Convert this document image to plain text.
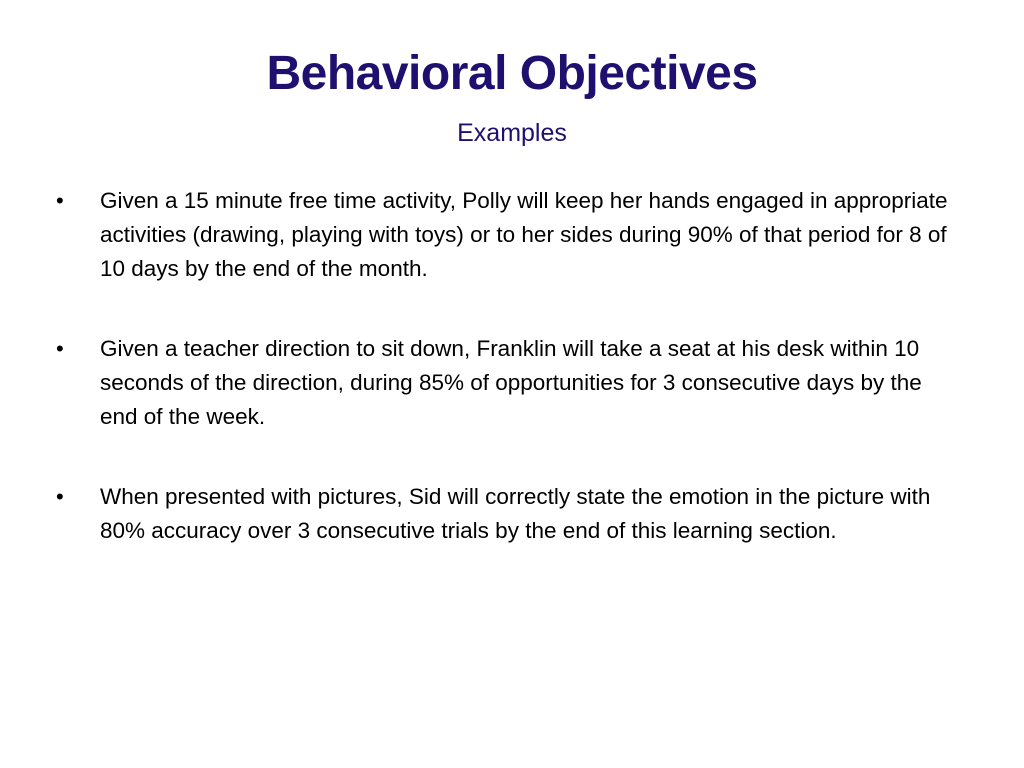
Behavioral Objectives
Examples
•	Given a 15 minute free time activity, Polly will keep her hands engaged in appropriate activities (drawing, playing with toys) or to her sides during 90% of that period for 8 of 10 days by the end of the month.
•	Given a teacher direction to sit down, Franklin will take a seat at his desk within 10 seconds of the direction, during 85% of opportunities for 3 consecutive days by the end of the week.
•	When presented with pictures, Sid will correctly state the emotion in the picture with 80% accuracy over 3 consecutive trials by the end of this learning section.
